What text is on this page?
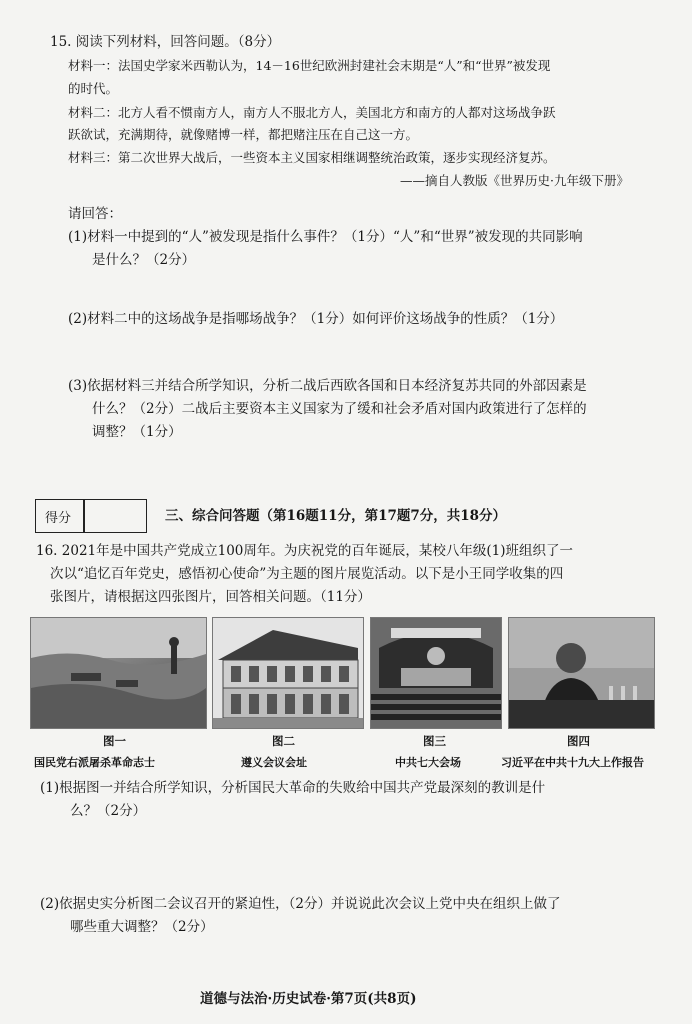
15. 阅读下列材料，回答问题。（8分）
材料一：法国史学家米西勒认为，14－16世纪欧洲封建社会末期是“人”和“世界”被发现
的时代。
材料二：北方人看不惯南方人，南方人不服北方人，美国北方和南方的人都对这场战争跃
跃欲试，充满期待，就像赌博一样，都把赌注压在自己这一方。
材料三：第二次世界大战后，一些资本主义国家相继调整统治政策，逐步实现经济复苏。
——摘自人教版《世界历史·九年级下册》
请回答：
(1)材料一中提到的“人”被发现是指什么事件？（1分）“人”和“世界”被发现的共同影响
是什么？（2分）
(2)材料二中的这场战争是指哪场战争？（1分）如何评价这场战争的性质？（1分）
(3)依据材料三并结合所学知识，分析二战后西欧各国和日本经济复苏共同的外部因素是
什么？（2分）二战后主要资本主义国家为了缓和社会矛盾对国内政策进行了怎样的
调整？（1分）
得分	三、综合问答题（第16题11分，第17题7分，共18分）
16. 2021年是中国共产党成立100周年。为庆祝党的百年诞辰，某校八年级(1)班组织了一
次以“追忆百年党史，感悟初心使命”为主题的图片展览活动。以下是小王同学收集的四
张图片，请根据这四张图片，回答相关问题。（11分）
图一	图二	图三	图四
国民党右派屠杀革命志士	遵义会议会址	中共七大会场	习近平在中共十九大上作报告
(1)根据图一并结合所学知识，分析国民大革命的失败给中国共产党最深刻的教训是什
么？（2分）
(2)依据史实分析图二会议召开的紧迫性，（2分）并说说此次会议上党中央在组织上做了
哪些重大调整？（2分）
道德与法治·历史试卷·第7页(共8页)
